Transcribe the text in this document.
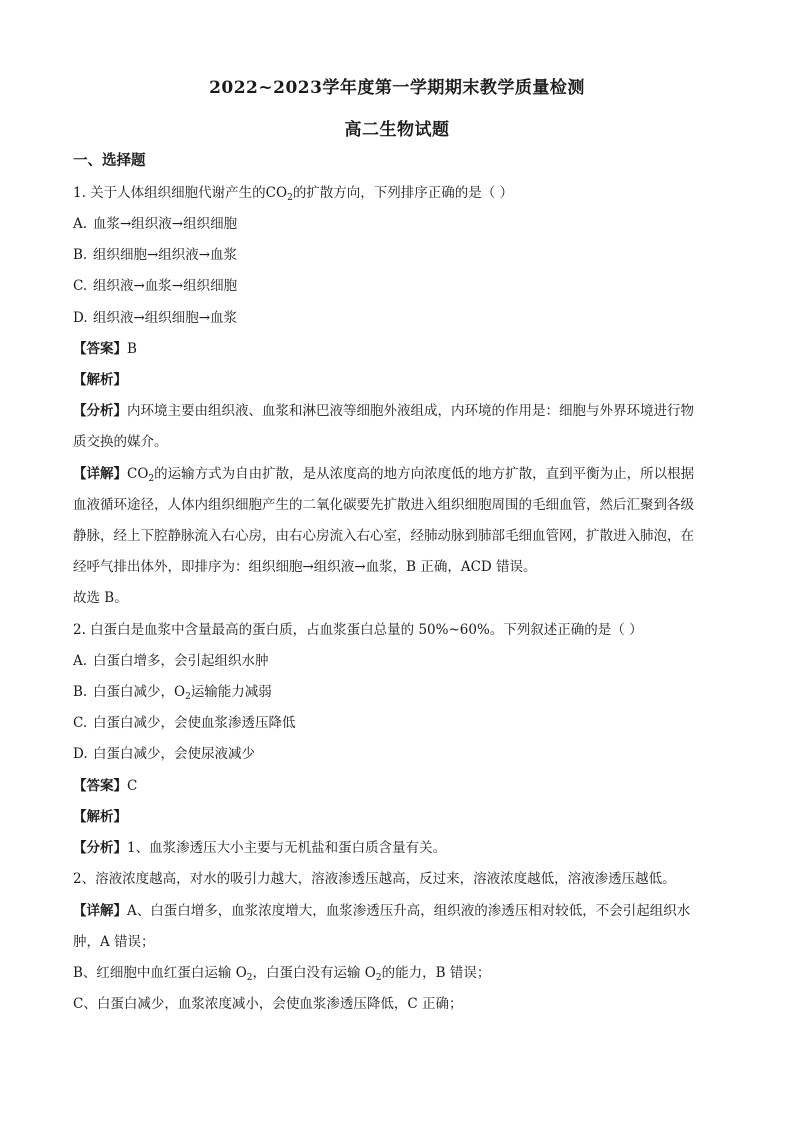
2022~2023学年度第一学期期末教学质量检测
高二生物试题
一、选择题
1. 关于人体组织细胞代谢产生的$CO_2$的扩散方向，下列排序正确的是（ ）
A. 血浆→组织液→组织细胞
B. 组织细胞→组织液→血浆
C. 组织液→血浆→组织细胞
D. 组织液→组织细胞→血浆
【答案】B
【解析】
【分析】内环境主要由组织液、血浆和淋巴液等细胞外液组成，内环境的作用是：细胞与外界环境进行物
质交换的媒介。
【详解】$CO_2$的运输方式为自由扩散，是从浓度高的地方向浓度低的地方扩散，直到平衡为止，所以根据
血液循环途径，人体内组织细胞产生的二氧化碳要先扩散进入组织细胞周围的毛细血管，然后汇聚到各级
静脉，经上下腔静脉流入右心房，由右心房流入右心室，经肺动脉到肺部毛细血管网，扩散进入肺泡，在
经呼气排出体外，即排序为：组织细胞→组织液→血浆，B 正确，ACD 错误。
故选 B。
2. 白蛋白是血浆中含量最高的蛋白质，占血浆蛋白总量的 50%~60%。下列叙述正确的是（ ）
A. 白蛋白增多，会引起组织水肿
B. 白蛋白减少，$O_2$运输能力减弱
C. 白蛋白减少，会使血浆渗透压降低
D. 白蛋白减少，会使尿液减少
【答案】C
【解析】
【分析】1、血浆渗透压大小主要与无机盐和蛋白质含量有关。
2、溶液浓度越高，对水的吸引力越大，溶液渗透压越高，反过来，溶液浓度越低，溶液渗透压越低。
【详解】A、白蛋白增多，血浆浓度增大，血浆渗透压升高，组织液的渗透压相对较低，不会引起组织水
肿，A 错误；
B、红细胞中血红蛋白运输 $O_2$，白蛋白没有运输 $O_2$的能力，B 错误；
C、白蛋白减少，血浆浓度减小，会使血浆渗透压降低，C 正确；
